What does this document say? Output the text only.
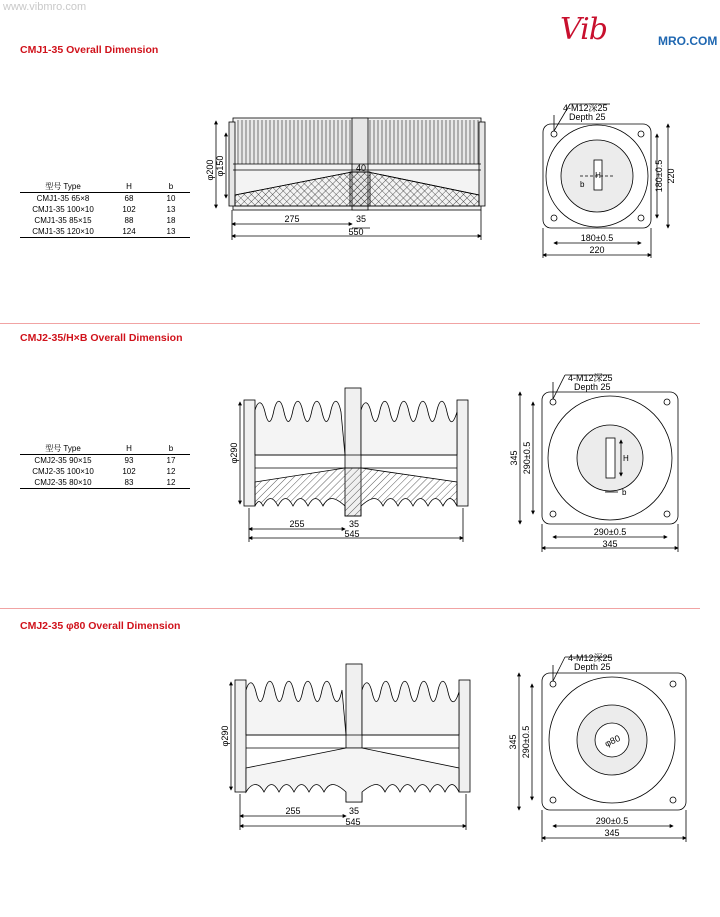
www.vibmro.com
Vib	MRO.COM
CMJ1-35 Overall Dimension
CMJ2-35/H×B Overall Dimension
CMJ2-35 φ80 Overall Dimension
型号 Type	H	b
CMJ1-35 65×8	68	10
CMJ1-35 100×10	102	13
CMJ1-35 85×15	88	18
CMJ1-35 120×10	124	13
型号 Type	H	b
CMJ2-35 90×15	93	17
CMJ2-35 100×10	102	12
CMJ2-35 80×10	83	12
φ200 φ150	40
275	35
550
4-M12深25
Depth 25
H
b	180±0.5 220
180±0.5
220
φ290
255	35
545
4-M12深25
Depth 25
H
b
345 290±0.5
290±0.5
345
φ290
255	35
545
4-M12深25
Depth 25
φ80
345 290±0.5
290±0.5
345
